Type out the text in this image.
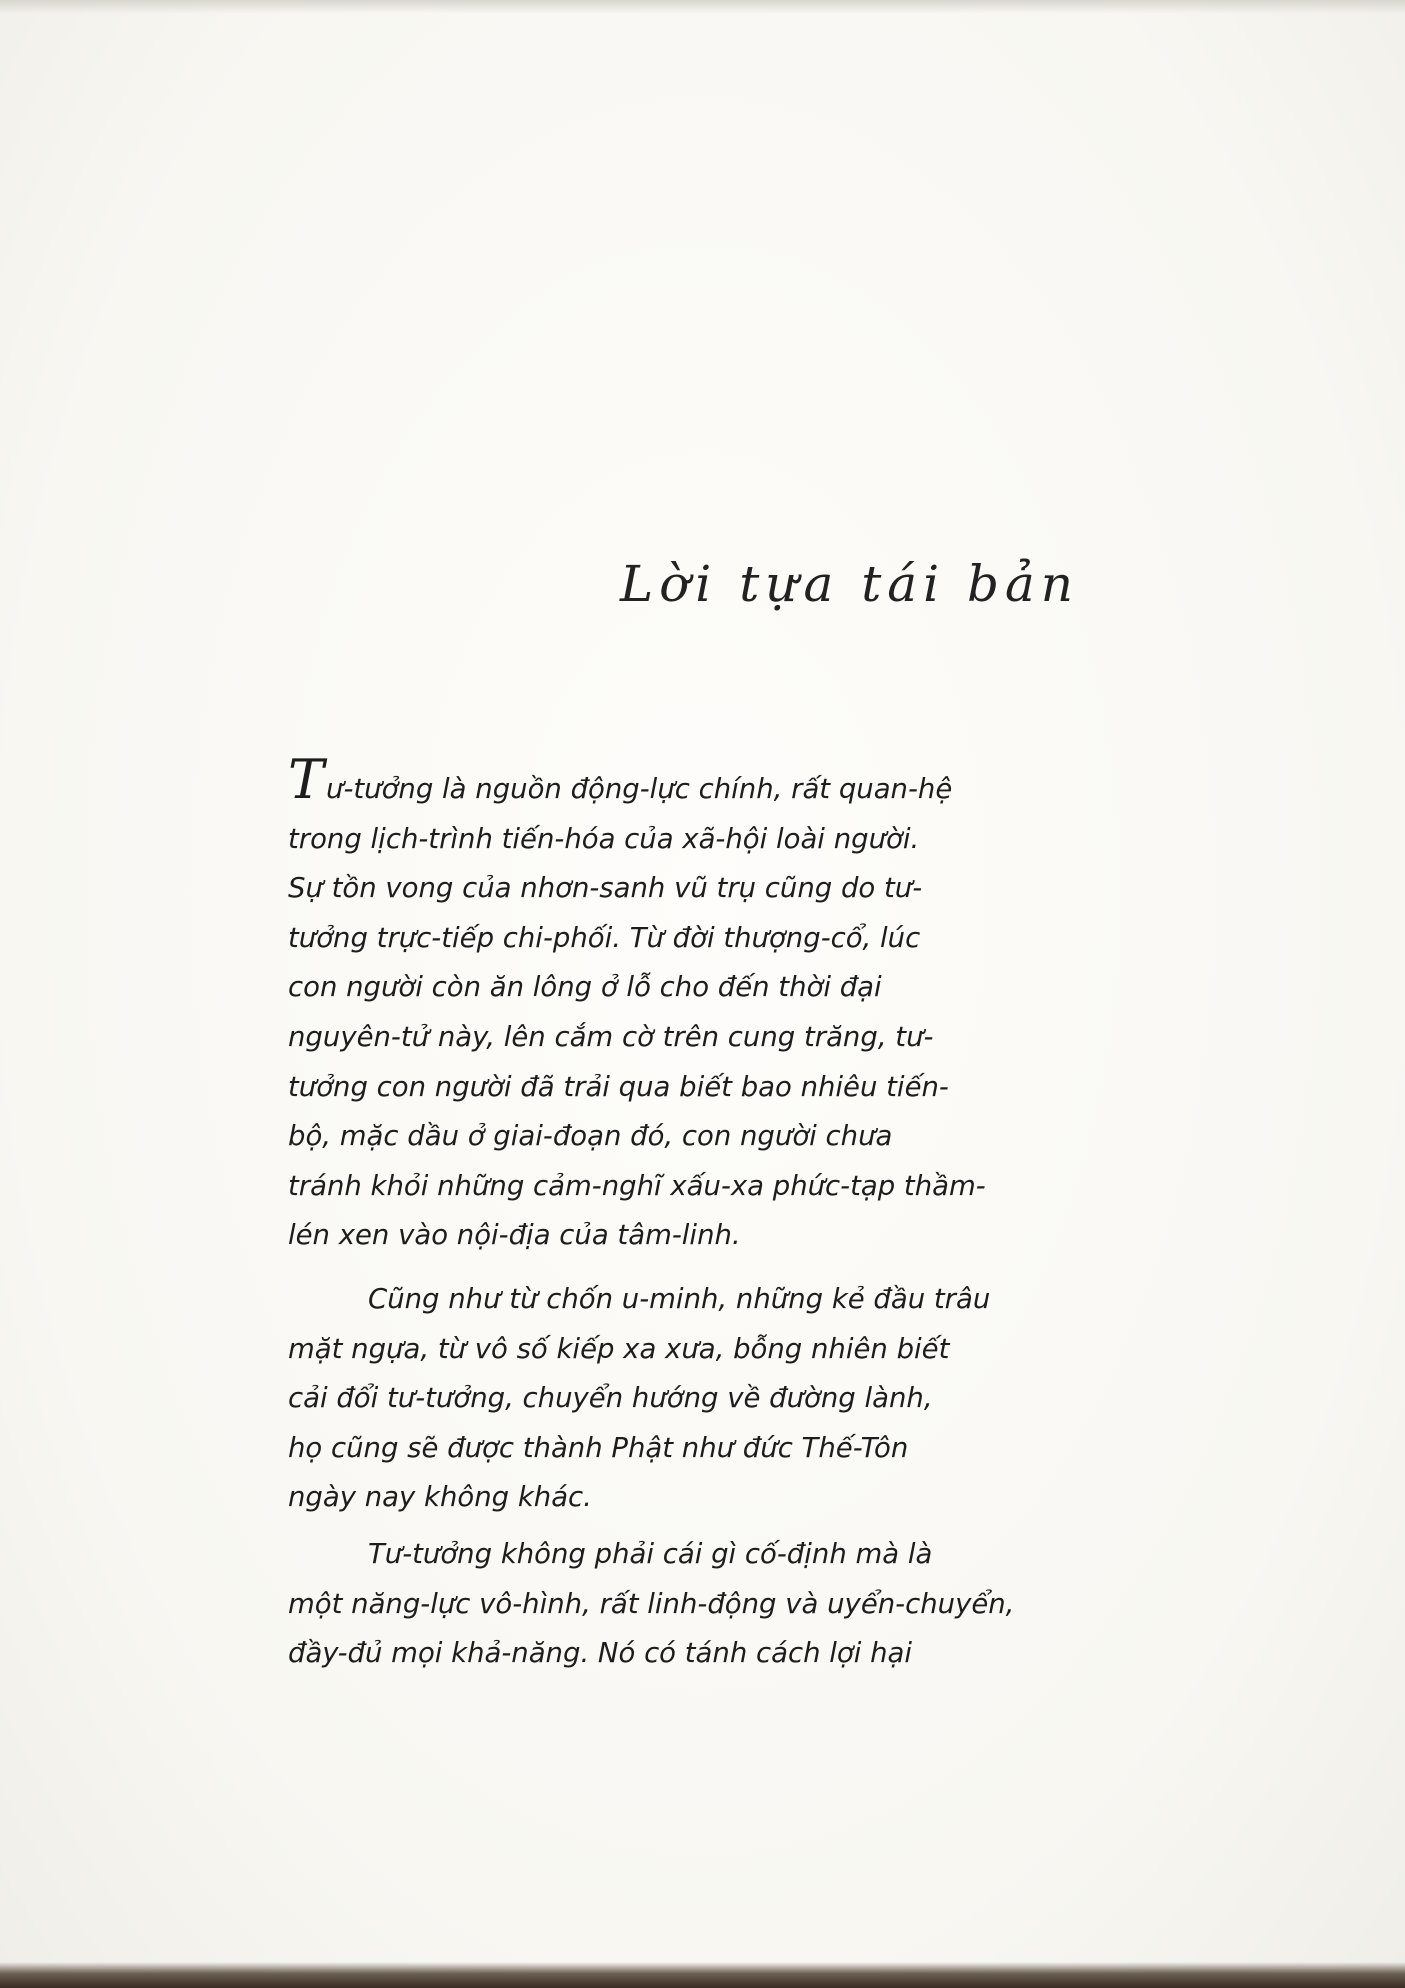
Lời tựa tái bản
Tư-tưởng là nguồn động-lực chính, rất quan-hệ
trong lịch-trình tiến-hóa của xã-hội loài người.
Sự tồn vong của nhơn-sanh vũ trụ cũng do tư-
tưởng trực-tiếp chi-phối. Từ đời thượng-cổ, lúc
con người còn ăn lông ở lỗ cho đến thời đại
nguyên-tử này, lên cắm cờ trên cung trăng, tư-
tưởng con người đã trải qua biết bao nhiêu tiến-
bộ, mặc dầu ở giai-đoạn đó, con người chưa
tránh khỏi những cảm-nghĩ xấu-xa phức-tạp thầm-
lén xen vào nội-địa của tâm-linh.
Cũng như từ chốn u-minh, những kẻ đầu trâu
mặt ngựa, từ vô số kiếp xa xưa, bỗng nhiên biết
cải đổi tư-tưởng, chuyển hướng về đường lành,
họ cũng sẽ được thành Phật như đức Thế-Tôn
ngày nay không khác.
Tư-tưởng không phải cái gì cố-định mà là
một năng-lực vô-hình, rất linh-động và uyển-chuyển,
đầy-đủ mọi khả-năng. Nó có tánh cách lợi hại
